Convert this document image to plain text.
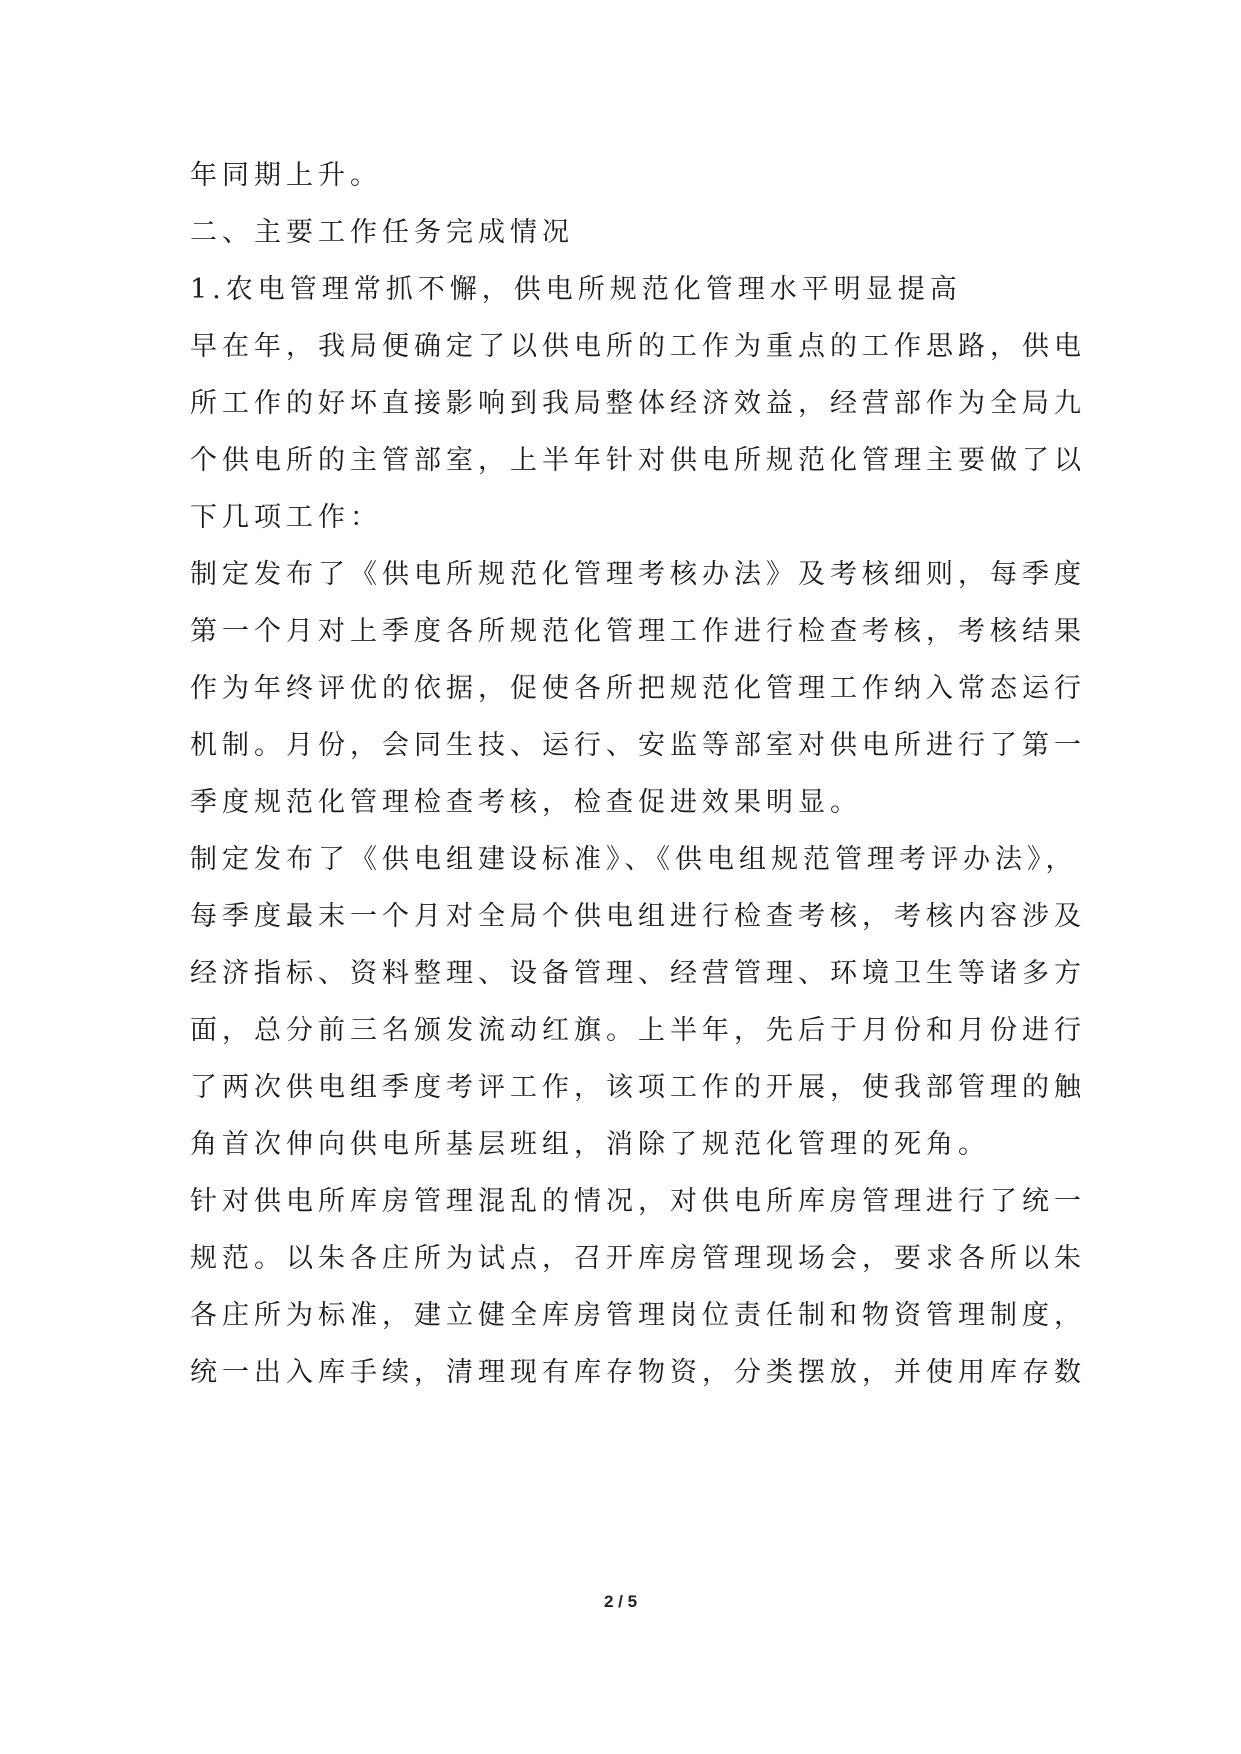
年同期上升。
二、主要工作任务完成情况
1.农电管理常抓不懈，供电所规范化管理水平明显提高
早在年，我局便确定了以供电所的工作为重点的工作思路，供电
所工作的好坏直接影响到我局整体经济效益，经营部作为全局九
个供电所的主管部室，上半年针对供电所规范化管理主要做了以
下几项工作：
制定发布了《供电所规范化管理考核办法》及考核细则，每季度
第一个月对上季度各所规范化管理工作进行检查考核，考核结果
作为年终评优的依据，促使各所把规范化管理工作纳入常态运行
机制。月份，会同生技、运行、安监等部室对供电所进行了第一
季度规范化管理检查考核，检查促进效果明显。
制定发布了《供电组建设标准》、《供电组规范管理考评办法》，
每季度最末一个月对全局个供电组进行检查考核，考核内容涉及
经济指标、资料整理、设备管理、经营管理、环境卫生等诸多方
面，总分前三名颁发流动红旗。上半年，先后于月份和月份进行
了两次供电组季度考评工作，该项工作的开展，使我部管理的触
角首次伸向供电所基层班组，消除了规范化管理的死角。
针对供电所库房管理混乱的情况，对供电所库房管理进行了统一
规范。以朱各庄所为试点，召开库房管理现场会，要求各所以朱
各庄所为标准，建立健全库房管理岗位责任制和物资管理制度，
统一出入库手续，清理现有库存物资，分类摆放，并使用库存数
2 / 5
